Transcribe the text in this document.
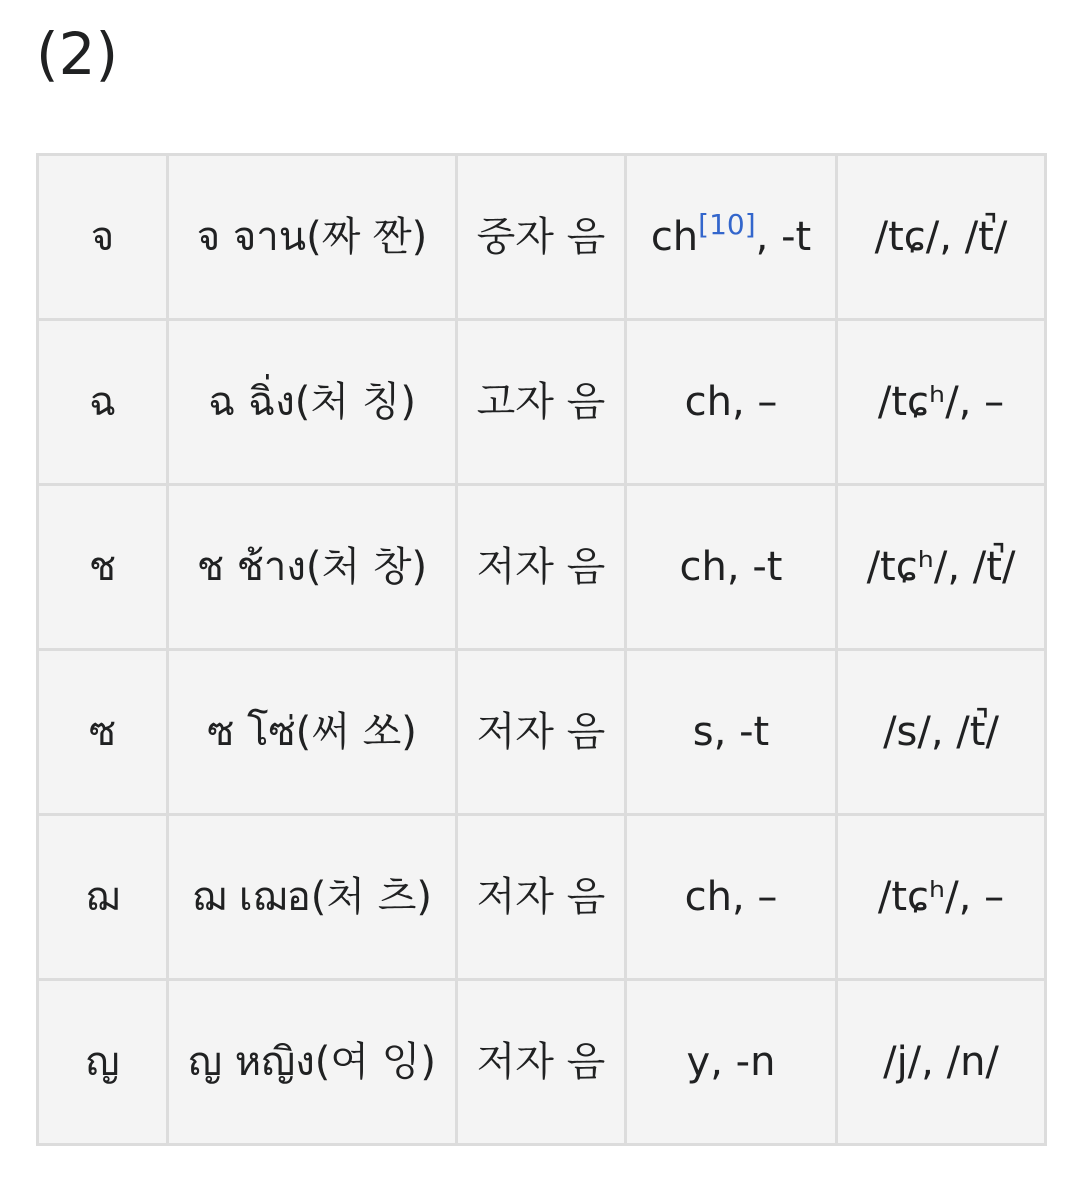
(2)
จ	จ จาน(짜 짠)	중자 음	ch[10], -t	/tɕ/, /t̚/
ฉ	ฉ ฉิ่ง(처 칭)	고자 음	ch, –	/tɕʰ/, –
ช	ช ช้าง(처 창)	저자 음	ch, -t	/tɕʰ/, /t̚/
ซ	ซ โซ่(써 쏘)	저자 음	s, -t	/s/, /t̚/
ฌ	ฌ เฌอ(처 츠)	저자 음	ch, –	/tɕʰ/, –
ญ	ญ หญิง(여 잉)	저자 음	y, -n	/j/, /n/
